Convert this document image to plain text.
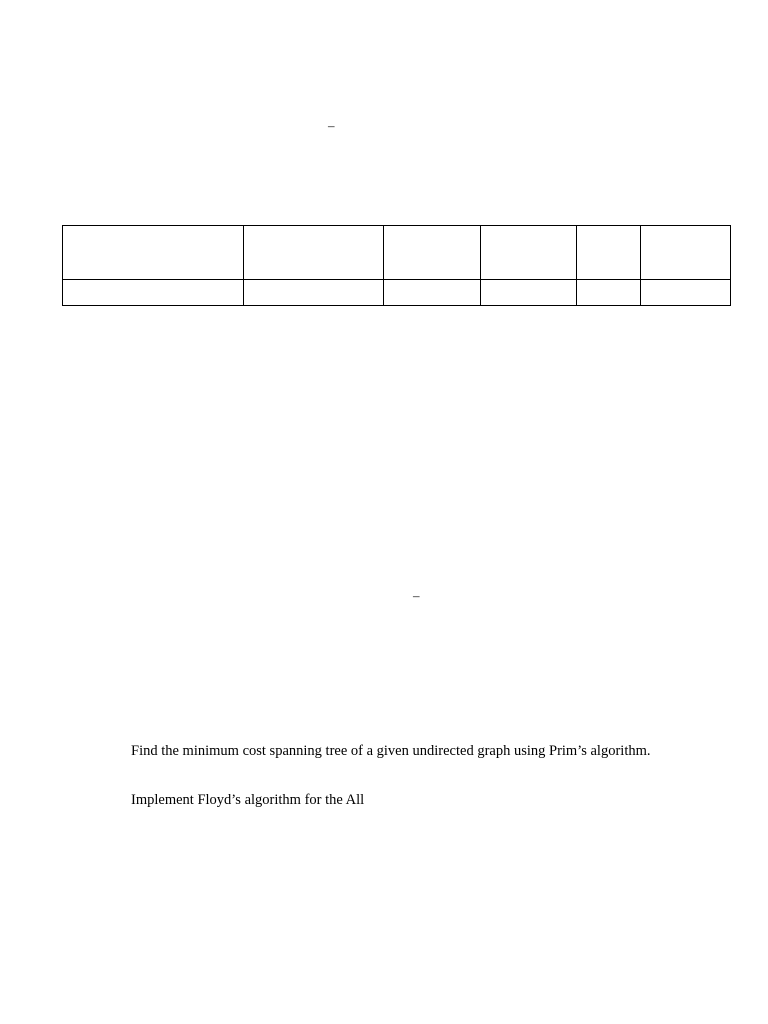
–

–
Find the minimum cost spanning tree of a given undirected graph using Prim’s algorithm.
Implement Floyd’s algorithm for the All
